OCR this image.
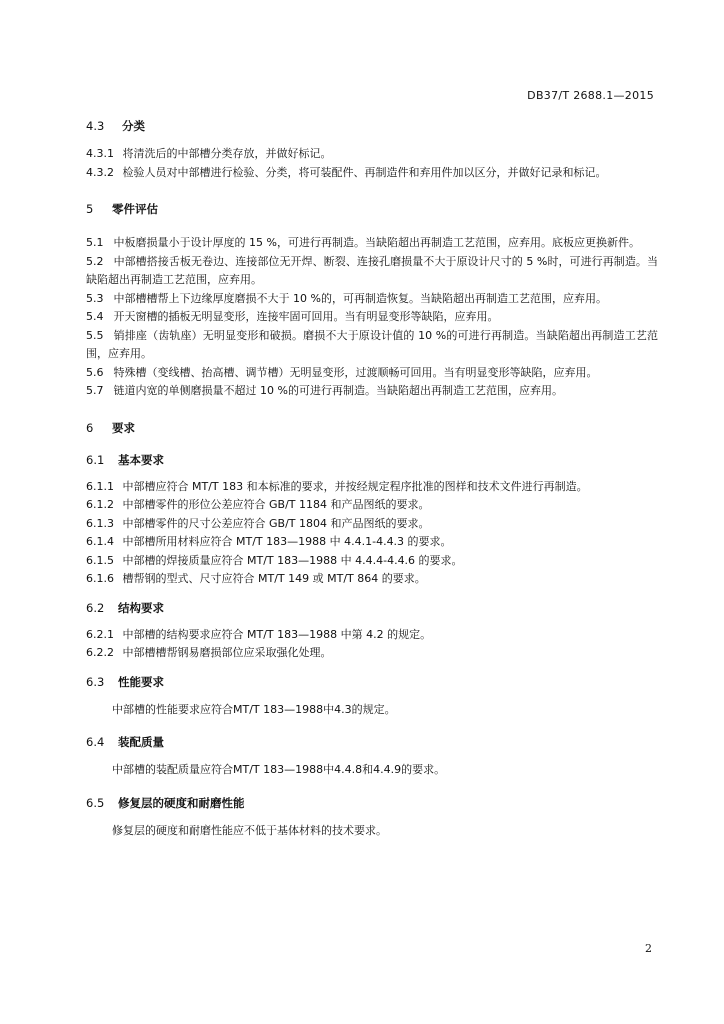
DB37/T 2688.1—2015
4.3 分类

4.3.1 将清洗后的中部槽分类存放，并做好标记。

4.3.2 检验人员对中部槽进行检验、分类，将可装配件、再制造件和弃用件加以区分，并做好记录和标记。

5 零件评估

5.1 中板磨损量小于设计厚度的 15 %，可进行再制造。当缺陷超出再制造工艺范围，应弃用。底板应更换新件。

5.2 中部槽搭接舌板无卷边、连接部位无开焊、断裂、连接孔磨损量不大于原设计尺寸的 5 %时，可进行再制造。当缺陷超出再制造工艺范围，应弃用。

5.3 中部槽槽帮上下边缘厚度磨损不大于 10 %的，可再制造恢复。当缺陷超出再制造工艺范围，应弃用。

5.4 开天窗槽的插板无明显变形，连接牢固可回用。当有明显变形等缺陷，应弃用。

5.5 销排座（齿轨座）无明显变形和破损。磨损不大于原设计值的 10 %的可进行再制造。当缺陷超出再制造工艺范围，应弃用。

5.6 特殊槽（变线槽、抬高槽、调节槽）无明显变形，过渡顺畅可回用。当有明显变形等缺陷，应弃用。

5.7 链道内宽的单侧磨损量不超过 10 %的可进行再制造。当缺陷超出再制造工艺范围，应弃用。

6 要求
6.1 基本要求

6.1.1 中部槽应符合 MT/T 183 和本标准的要求，并按经规定程序批准的图样和技术文件进行再制造。

6.1.2 中部槽零件的形位公差应符合 GB/T 1184 和产品图纸的要求。

6.1.3 中部槽零件的尺寸公差应符合 GB/T 1804 和产品图纸的要求。

6.1.4 中部槽所用材料应符合 MT/T 183—1988 中 4.4.1-4.4.3 的要求。

6.1.5 中部槽的焊接质量应符合 MT/T 183—1988 中 4.4.4-4.4.6 的要求。

6.1.6 槽帮钢的型式、尺寸应符合 MT/T 149 或 MT/T 864 的要求。

6.2 结构要求

6.2.1 中部槽的结构要求应符合 MT/T 183—1988 中第 4.2 的规定。

6.2.2 中部槽槽帮钢易磨损部位应采取强化处理。

6.3 性能要求

中部槽的性能要求应符合MT/T 183—1988中4.3的规定。

6.4 装配质量

中部槽的装配质量应符合MT/T 183—1988中4.4.8和4.4.9的要求。

6.5 修复层的硬度和耐磨性能

修复层的硬度和耐磨性能应不低于基体材料的技术要求。

2
